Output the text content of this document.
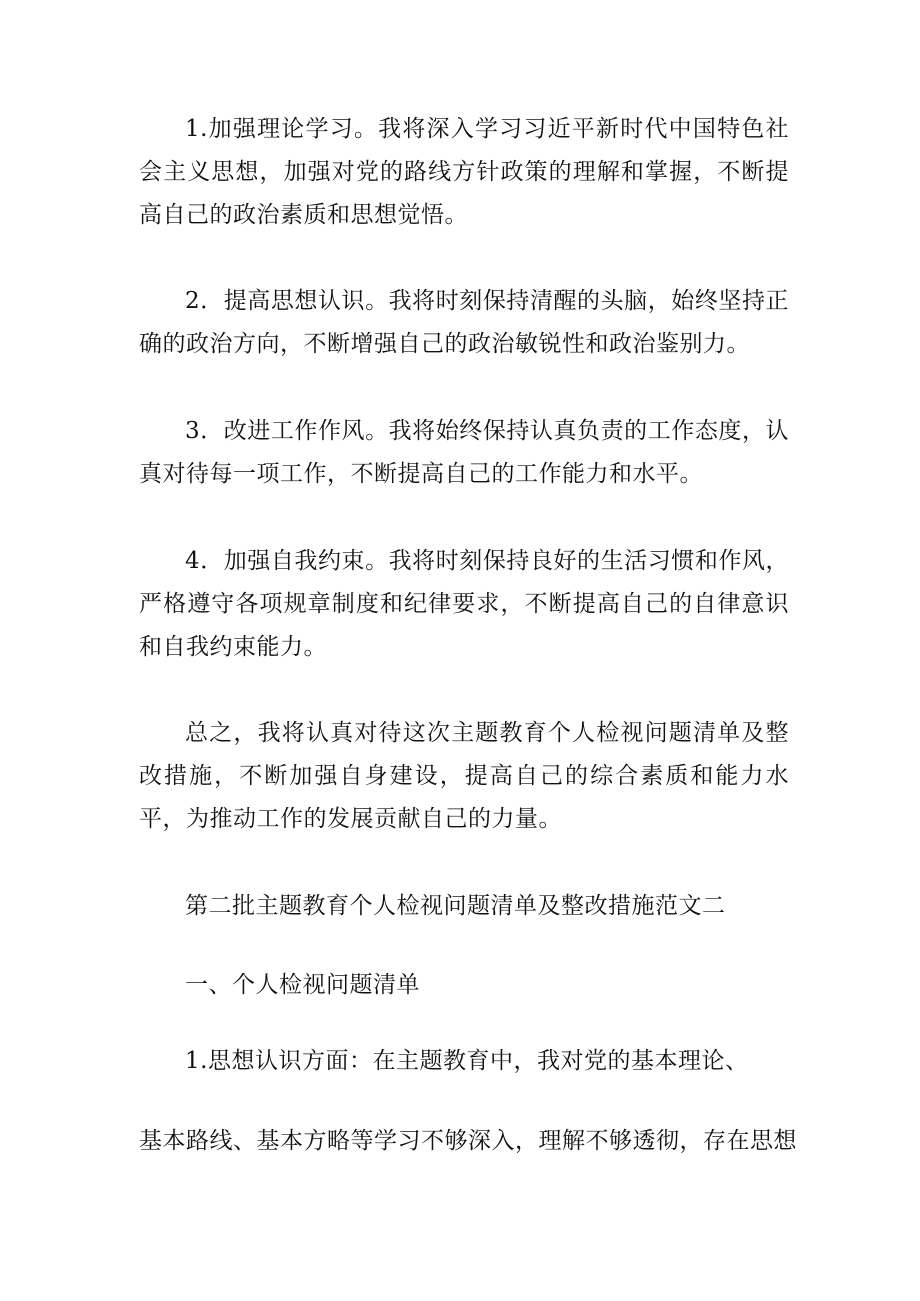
1.加强理论学习。我将深入学习习近平新时代中国特色社会主义思想，加强对党的路线方针政策的理解和掌握，不断提高自己的政治素质和思想觉悟。

2．提高思想认识。我将时刻保持清醒的头脑，始终坚持正确的政治方向，不断增强自己的政治敏锐性和政治鉴别力。

3．改进工作作风。我将始终保持认真负责的工作态度，认真对待每一项工作，不断提高自己的工作能力和水平。

4．加强自我约束。我将时刻保持良好的生活习惯和作风，严格遵守各项规章制度和纪律要求，不断提高自己的自律意识和自我约束能力。

总之，我将认真对待这次主题教育个人检视问题清单及整改措施，不断加强自身建设，提高自己的综合素质和能力水平，为推动工作的发展贡献自己的力量。

第二批主题教育个人检视问题清单及整改措施范文二

一、个人检视问题清单

1.思想认识方面：在主题教育中，我对党的基本理论、

基本路线、基本方略等学习不够深入，理解不够透彻，存在思想
